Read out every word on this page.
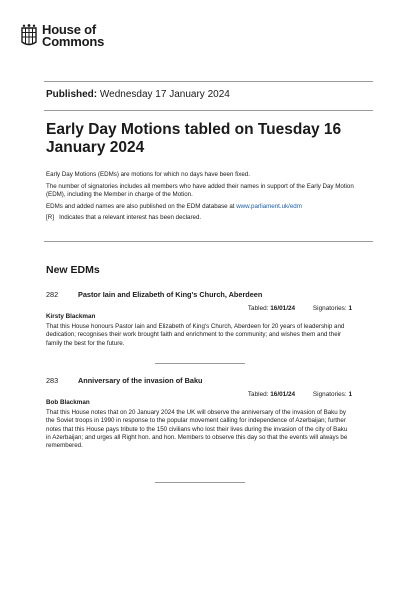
House of
Commons
Published: Wednesday 17 January 2024
Early Day Motions tabled on Tuesday 16 January 2024

Early Day Motions (EDMs) are motions for which no days have been fixed.

The number of signatories includes all members who have added their names in support of the Early Day Motion (EDM), including the Member in charge of the Motion.

EDMs and added names are also published on the EDM database at www.parliament.uk/edm

[R]   Indicates that a relevant interest has been declared.

New EDMs
282	Pastor Iain and Elizabeth of King's Church, Aberdeen
Tabled: 16/01/24	Signatories: 1
Kirsty Blackman
That this House honours Pastor Iain and Elizabeth of King's Church, Aberdeen for 20 years of leadership and dedication; recognises their work brought faith and enrichment to the community; and wishes them and their family the best for the future.
283	Anniversary of the invasion of Baku
Tabled: 16/01/24	Signatories: 1
Bob Blackman
That this House notes that on 20 January 2024 the UK will observe the anniversary of the invasion of Baku by the Soviet troops in 1990 in response to the popular movement calling for independence of Azerbaijan; further notes that this House pays tribute to the 150 civilians who lost their lives during the invasion of the city of Baku in Azerbaijan; and urges all Right hon. and hon. Members to observe this day so that the events will always be remembered.
